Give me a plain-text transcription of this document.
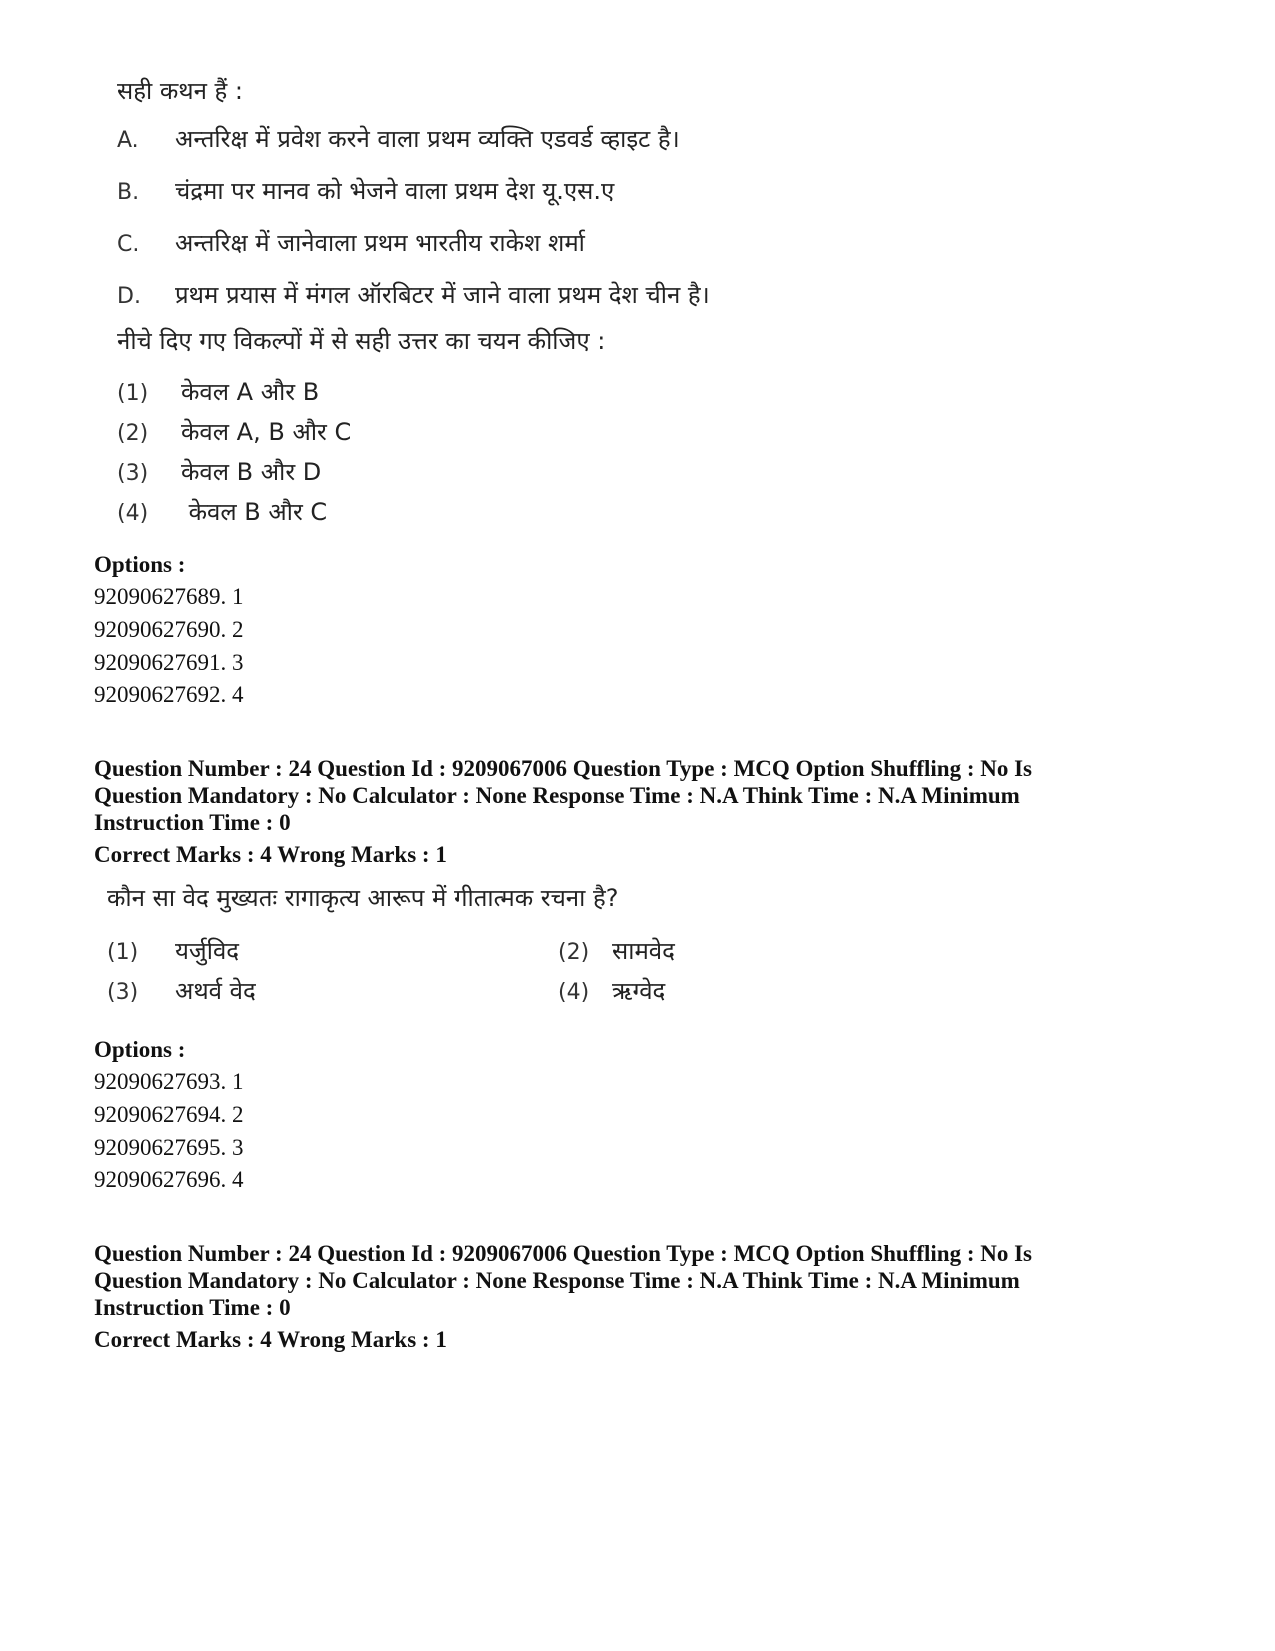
सही कथन हैं :
A. अन्तरिक्ष में प्रवेश करने वाला प्रथम व्यक्ति एडवर्ड व्हाइट है।
B. चंद्रमा पर मानव को भेजने वाला प्रथम देश यू.एस.ए
C. अन्तरिक्ष में जानेवाला प्रथम भारतीय राकेश शर्मा
D. प्रथम प्रयास में मंगल ऑरबिटर में जाने वाला प्रथम देश चीन है।
नीचे दिए गए विकल्पों में से सही उत्तर का चयन कीजिए :
(1) केवल A और B
(2) केवल A, B और C
(3) केवल B और D
(4) केवल B और C
Options :
92090627689. 1
92090627690. 2
92090627691. 3
92090627692. 4
Question Number : 24 Question Id : 9209067006 Question Type : MCQ Option Shuffling : No Is Question Mandatory : No Calculator : None Response Time : N.A Think Time : N.A Minimum Instruction Time : 0
Correct Marks : 4 Wrong Marks : 1
कौन सा वेद मुख्यतः रागाकृत्य आरूप में गीतात्मक रचना है?
(1) यर्जुविद	(2) सामवेद
(3) अथर्व वेद	(4) ऋग्वेद
Options :
92090627693. 1
92090627694. 2
92090627695. 3
92090627696. 4
Question Number : 24 Question Id : 9209067006 Question Type : MCQ Option Shuffling : No Is Question Mandatory : No Calculator : None Response Time : N.A Think Time : N.A Minimum Instruction Time : 0
Correct Marks : 4 Wrong Marks : 1
